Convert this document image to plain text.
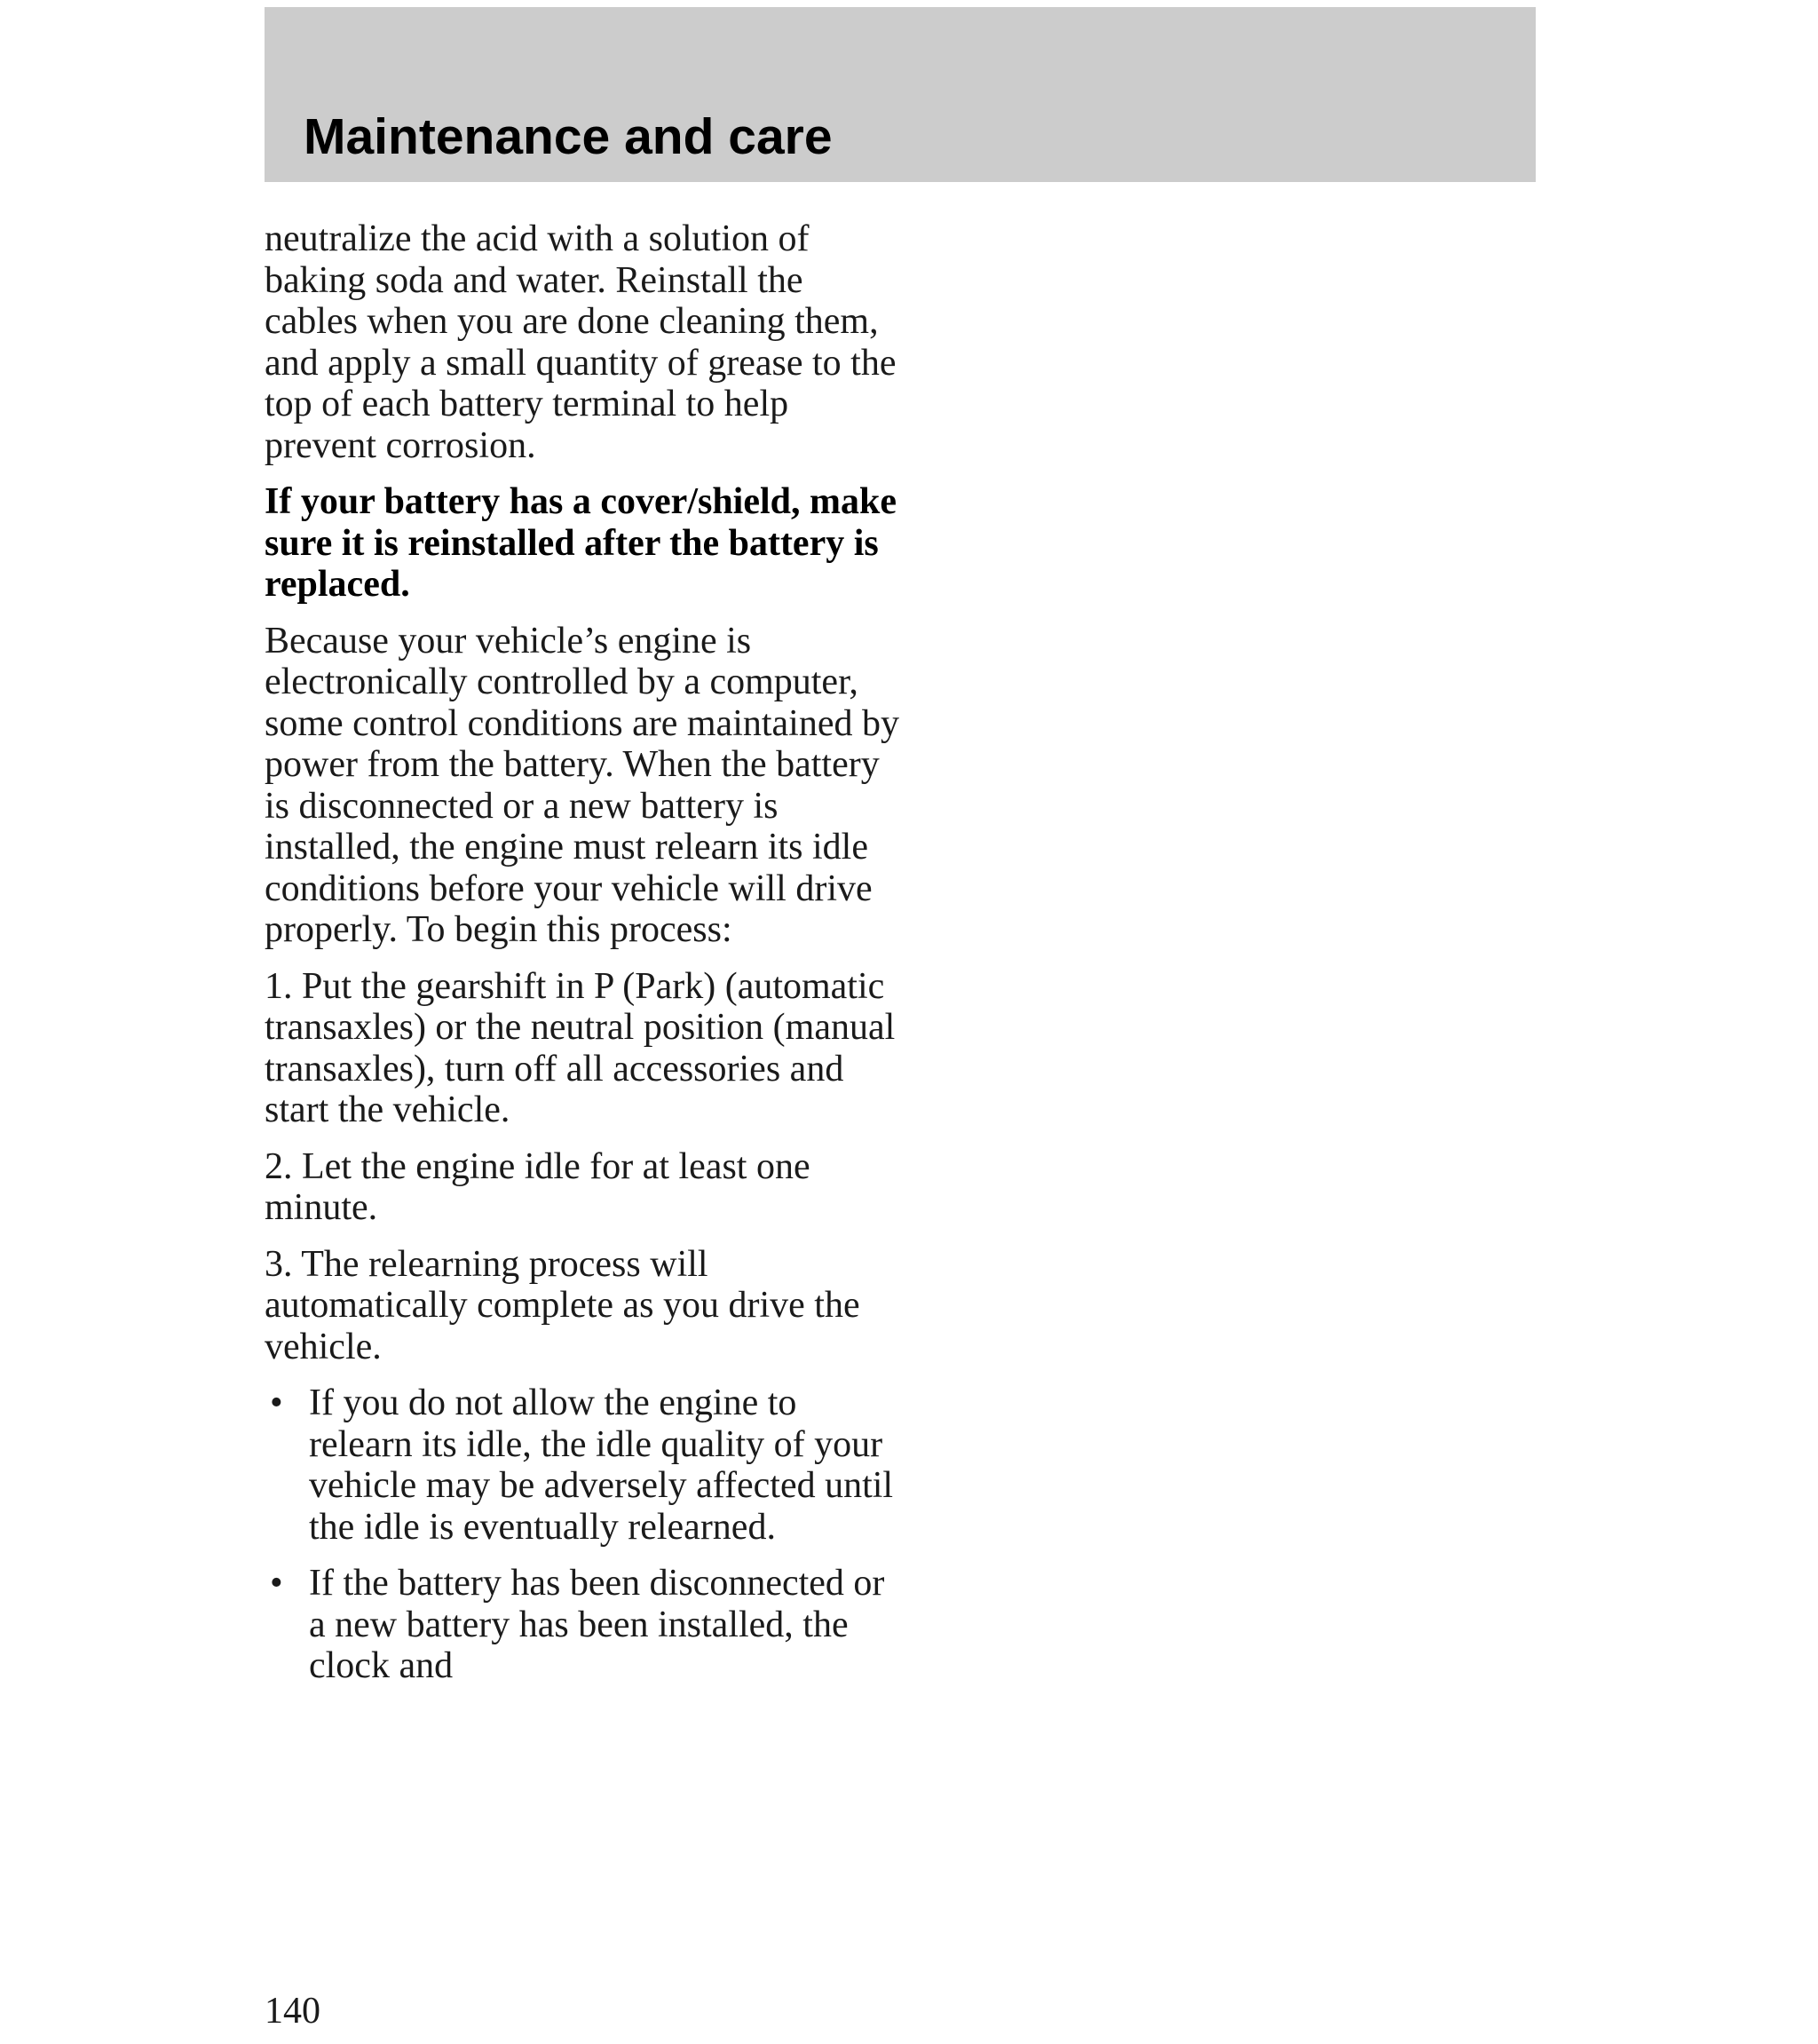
Maintenance and care

neutralize the acid with a solution of baking soda and water. Reinstall the cables when you are done cleaning them, and apply a small quantity of grease to the top of each battery terminal to help prevent corrosion.

If your battery has a cover/shield, make sure it is reinstalled after the battery is replaced.

Because your vehicle’s engine is electronically controlled by a computer, some control conditions are maintained by power from the battery. When the battery is disconnected or a new battery is installed, the engine must relearn its idle conditions before your vehicle will drive properly. To begin this process:

1. Put the gearshift in P (Park) (automatic transaxles) or the neutral position (manual transaxles), turn off all accessories and start the vehicle.

2. Let the engine idle for at least one minute.

3. The relearning process will automatically complete as you drive the vehicle.

• If you do not allow the engine to relearn its idle, the idle quality of your vehicle may be adversely affected until the idle is eventually relearned.
• If the battery has been disconnected or a new battery has been installed, the clock and
140
